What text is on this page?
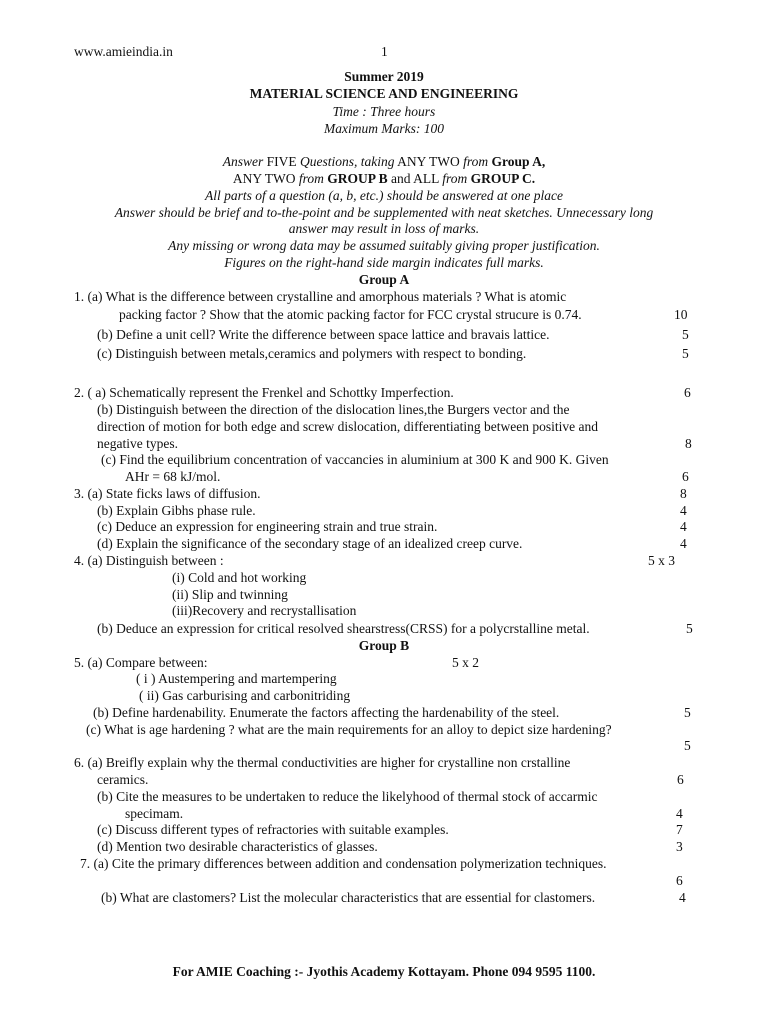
www.amieindia.in	1
Summer 2019
MATERIAL SCIENCE AND ENGINEERING
Time : Three hours
Maximum Marks: 100
Answer FIVE Questions, taking ANY TWO from Group A,
ANY TWO from GROUP B and ALL from GROUP C.
All parts of a question (a, b, etc.) should be answered at one place
Answer should be brief and to-the-point and be supplemented with neat sketches. Unnecessary long
answer may result in loss of marks.
Any missing or wrong data may be assumed suitably giving proper justification.
Figures on the right-hand side margin indicates full marks.
Group A
1. (a) What is the difference between crystalline and amorphous materials ? What is atomic
packing factor ? Show that the atomic packing factor for FCC crystal strucure is 0.74.	10
(b) Define a unit cell? Write the difference between space lattice and bravais lattice.	5
(c) Distinguish between metals,ceramics and polymers with respect to bonding.	5
2. ( a) Schematically represent the Frenkel and Schottky Imperfection.	6
(b) Distinguish between the direction of the dislocation lines,the Burgers vector and the
direction of motion for both edge and screw dislocation, differentiating between positive and
negative types.	8
(c) Find the equilibrium concentration of vaccancies in aluminium at 300 K and 900 K. Given
AHr = 68 kJ/mol.	6
3. (a) State ficks laws of diffusion.	8
(b) Explain Gibhs phase rule.	4
(c) Deduce an expression for engineering strain and true strain.	4
(d) Explain the significance of the secondary stage of an idealized creep curve.	4
4. (a) Distinguish between :	5 x 3
(i) Cold and hot working
(ii) Slip and twinning
(iii)Recovery and recrystallisation
(b) Deduce an expression for critical resolved shearstress(CRSS) for a polycrstalline metal.	5
Group B
5. (a) Compare between:	5 x 2
( i ) Austempering and martempering
( ii) Gas carburising and carbonitriding
(b) Define hardenability. Enumerate the factors affecting the hardenability of the steel.	5
(c) What is age hardening ? what are the main requirements for an alloy to depict size hardening?
5
6. (a) Breifly explain why the thermal conductivities are higher for crystalline non crstalline
ceramics.	6
(b) Cite the measures to be undertaken to reduce the likelyhood of thermal stock of accarmic
specimam.	4
(c) Discuss different types of refractories with suitable examples.	7
(d) Mention two desirable characteristics of glasses.	3
7. (a) Cite the primary differences between addition and condensation polymerization techniques.
6
(b) What are clastomers? List the molecular characteristics that are essential for clastomers.	4
For AMIE Coaching :- Jyothis Academy Kottayam. Phone 094 9595 1100.
